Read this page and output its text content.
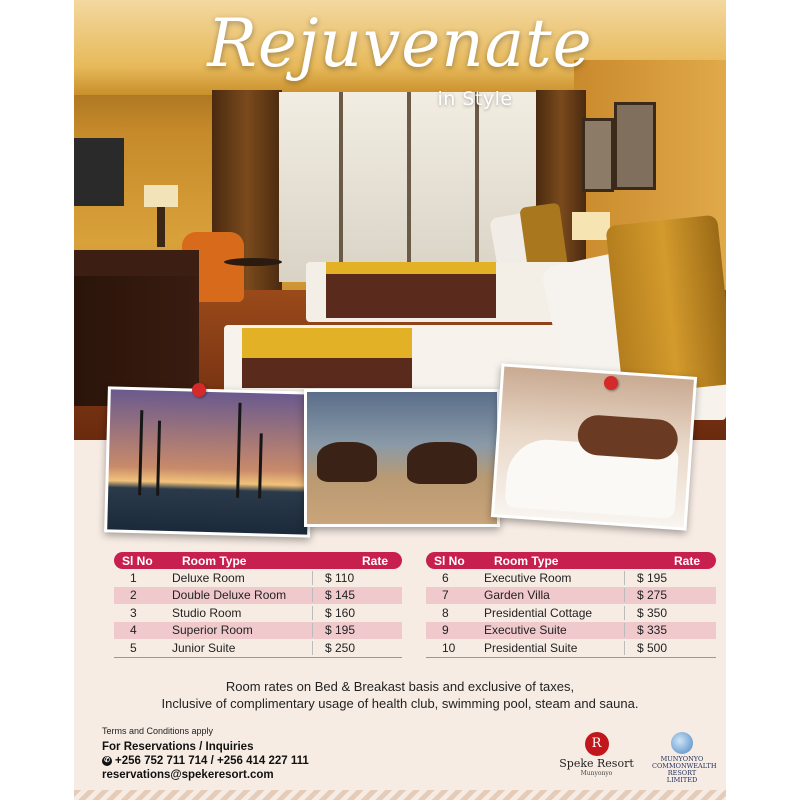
Rejuvenate
in Style
Sl No	Room Type	Rate
1	Deluxe Room	$ 110
2	Double Deluxe Room	$ 145
3	Studio Room	$ 160
4	Superior Room	$ 195
5	Junior Suite	$ 250
Sl No	Room Type	Rate
6	Executive Room	$ 195
7	Garden Villa	$ 275
8	Presidential Cottage	$ 350
9	Executive Suite	$ 335
10	Presidential Suite	$ 500
Room rates on Bed & Breakast basis and exclusive of taxes,
Inclusive of complimentary usage of health club, swimming pool, steam and sauna.
Terms and Conditions apply
For Reservations / Inquiries
✆ +256 752 711 714 / +256 414 227 111
reservations@spekeresort.com
R
Speke Resort
Munyonyo
MUNYONYO
COMMONWEALTH
RESORT LIMITED
